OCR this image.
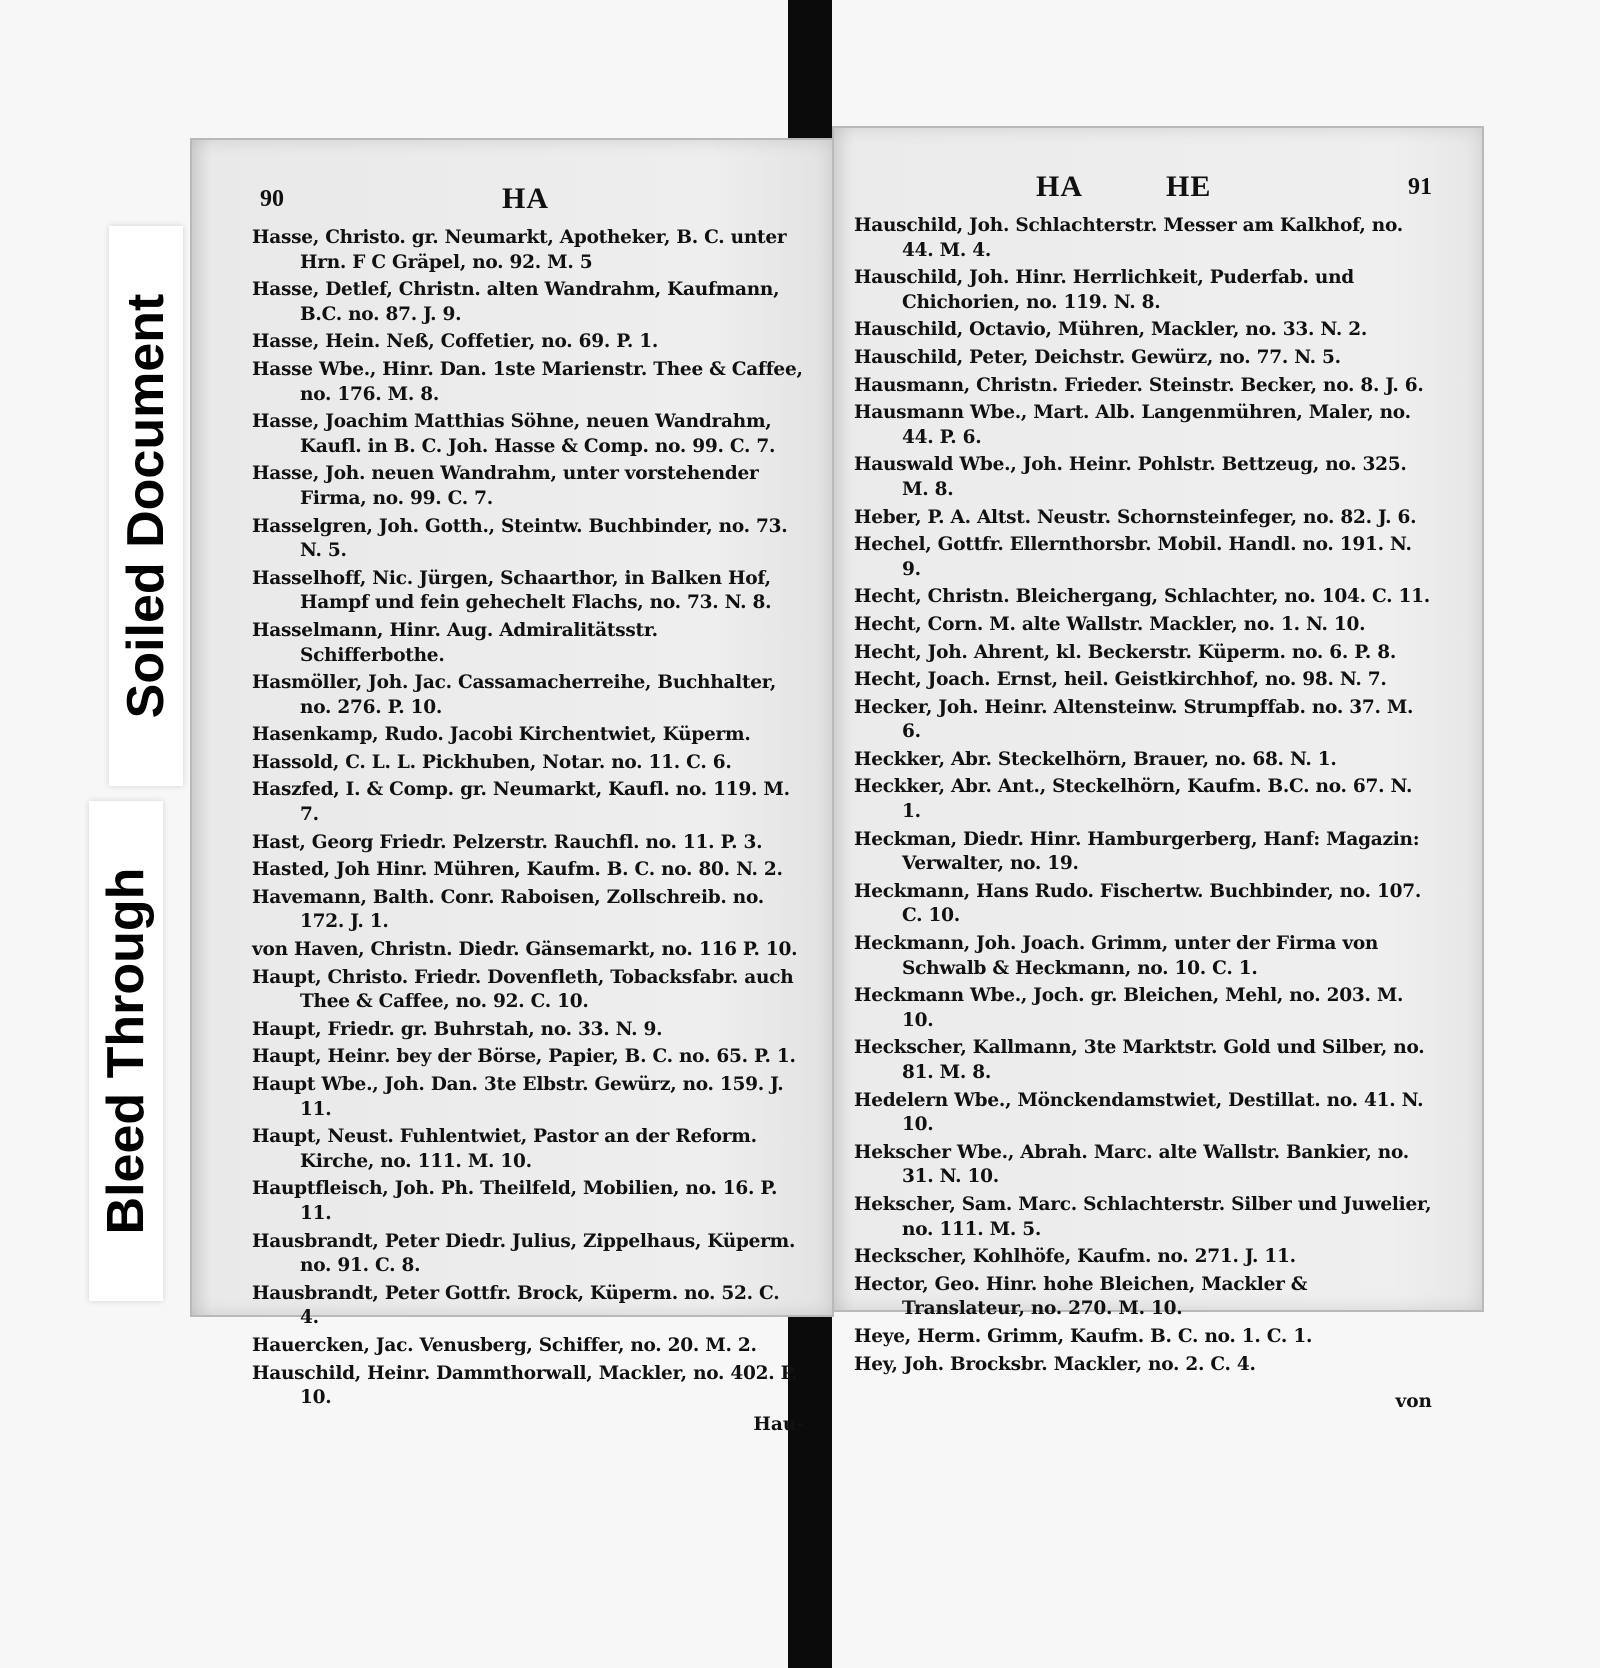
90	HA
Hasse, Christo. gr. Neumarkt, Apotheker, B. C. unter Hrn. F C Gräpel, no. 92. M. 5
Hasse, Detlef, Christn. alten Wandrahm, Kaufmann, B.C. no. 87. J. 9.
Hasse, Hein. Neß, Coffetier, no. 69. P. 1.
Hasse Wbe., Hinr. Dan. 1ste Marienstr. Thee & Caffee, no. 176. M. 8.
Hasse, Joachim Matthias Söhne, neuen Wandrahm, Kaufl. in B. C. Joh. Hasse & Comp. no. 99. C. 7.
Hasse, Joh. neuen Wandrahm, unter vorstehender Firma, no. 99. C. 7.
Hasselgren, Joh. Gotth., Steintw. Buchbinder, no. 73. N. 5.
Hasselhoff, Nic. Jürgen, Schaarthor, in Balken Hof, Hampf und fein gehechelt Flachs, no. 73. N. 8.
Hasselmann, Hinr. Aug. Admiralitätsstr. Schifferbothe.
Hasmöller, Joh. Jac. Cassamacherreihe, Buchhalter, no. 276. P. 10.
Hasenkamp, Rudo. Jacobi Kirchentwiet, Küperm.
Hassold, C. L. L. Pickhuben, Notar. no. 11. C. 6.
Haszfed, I. & Comp. gr. Neumarkt, Kaufl. no. 119. M. 7.
Hast, Georg Friedr. Pelzerstr. Rauchfl. no. 11. P. 3.
Hasted, Joh Hinr. Mühren, Kaufm. B. C. no. 80. N. 2.
Havemann, Balth. Conr. Raboisen, Zollschreib. no. 172. J. 1.
von Haven, Christn. Diedr. Gänsemarkt, no. 116 P. 10.
Haupt, Christo. Friedr. Dovenfleth, Tobacksfabr. auch Thee & Caffee, no. 92. C. 10.
Haupt, Friedr. gr. Buhrstah, no. 33. N. 9.
Haupt, Heinr. bey der Börse, Papier, B. C. no. 65. P. 1.
Haupt Wbe., Joh. Dan. 3te Elbstr. Gewürz, no. 159. J. 11.
Haupt, Neust. Fuhlentwiet, Pastor an der Reform. Kirche, no. 111. M. 10.
Hauptfleisch, Joh. Ph. Theilfeld, Mobilien, no. 16. P. 11.
Hausbrandt, Peter Diedr. Julius, Zippelhaus, Küperm. no. 91. C. 8.
Hausbrandt, Peter Gottfr. Brock, Küperm. no. 52. C. 4.
Hauercken, Jac. Venusberg, Schiffer, no. 20. M. 2.
Hauschild, Heinr. Dammthorwall, Mackler, no. 402. P. 10.
Hau-
HA	HE	91
Hauschild, Joh. Schlachterstr. Messer am Kalkhof, no. 44. M. 4.
Hauschild, Joh. Hinr. Herrlichkeit, Puderfab. und Chichorien, no. 119. N. 8.
Hauschild, Octavio, Mühren, Mackler, no. 33. N. 2.
Hauschild, Peter, Deichstr. Gewürz, no. 77. N. 5.
Hausmann, Christn. Frieder. Steinstr. Becker, no. 8. J. 6.
Hausmann Wbe., Mart. Alb. Langenmühren, Maler, no. 44. P. 6.
Hauswald Wbe., Joh. Heinr. Pohlstr. Bettzeug, no. 325. M. 8.
Heber, P. A. Altst. Neustr. Schornsteinfeger, no. 82. J. 6.
Hechel, Gottfr. Ellernthorsbr. Mobil. Handl. no. 191. N. 9.
Hecht, Christn. Bleichergang, Schlachter, no. 104. C. 11.
Hecht, Corn. M. alte Wallstr. Mackler, no. 1. N. 10.
Hecht, Joh. Ahrent, kl. Beckerstr. Küperm. no. 6. P. 8.
Hecht, Joach. Ernst, heil. Geistkirchhof, no. 98. N. 7.
Hecker, Joh. Heinr. Altensteinw. Strumpffab. no. 37. M. 6.
Heckker, Abr. Steckelhörn, Brauer, no. 68. N. 1.
Heckker, Abr. Ant., Steckelhörn, Kaufm. B.C. no. 67. N. 1.
Heckman, Diedr. Hinr. Hamburgerberg, Hanf: Magazin: Verwalter, no. 19.
Heckmann, Hans Rudo. Fischertw. Buchbinder, no. 107. C. 10.
Heckmann, Joh. Joach. Grimm, unter der Firma von Schwalb & Heckmann, no. 10. C. 1.
Heckmann Wbe., Joch. gr. Bleichen, Mehl, no. 203. M. 10.
Heckscher, Kallmann, 3te Marktstr. Gold und Silber, no. 81. M. 8.
Hedelern Wbe., Mönckendamstwiet, Destillat. no. 41. N. 10.
Hekscher Wbe., Abrah. Marc. alte Wallstr. Bankier, no. 31. N. 10.
Hekscher, Sam. Marc. Schlachterstr. Silber und Juwelier, no. 111. M. 5.
Heckscher, Kohlhöfe, Kaufm. no. 271. J. 11.
Hector, Geo. Hinr. hohe Bleichen, Mackler & Translateur, no. 270. M. 10.
Heye, Herm. Grimm, Kaufm. B. C. no. 1. C. 1.
Hey, Joh. Brocksbr. Mackler, no. 2. C. 4.
von
Soiled Document
Bleed Through
